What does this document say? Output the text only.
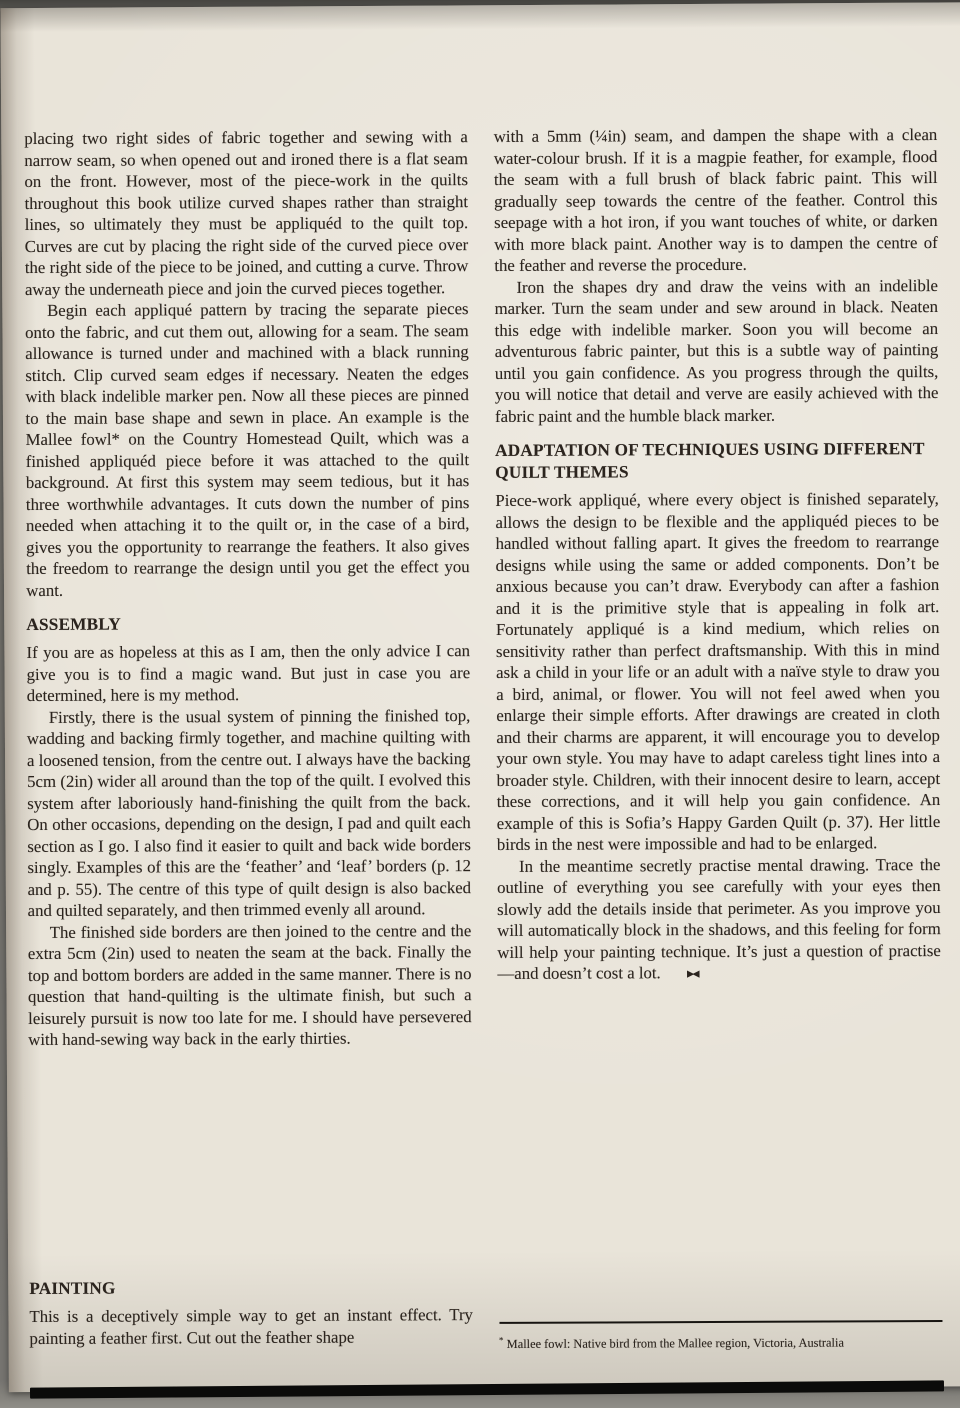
placing two right sides of fabric together and sewing with a narrow seam, so when opened out and ironed there is a flat seam on the front. However, most of the piece-work in the quilts throughout this book utilize curved shapes rather than straight lines, so ultimately they must be appliquéd to the quilt top. Curves are cut by placing the right side of the curved piece over the right side of the piece to be joined, and cutting a curve. Throw away the underneath piece and join the curved pieces together.

Begin each appliqué pattern by tracing the separate pieces onto the fabric, and cut them out, allowing for a seam. The seam allowance is turned under and machined with a black running stitch. Clip curved seam edges if necessary. Neaten the edges with black indelible marker pen. Now all these pieces are pinned to the main base shape and sewn in place. An example is the Mallee fowl* on the Country Homestead Quilt, which was a finished appliquéd piece before it was attached to the quilt background. At first this system may seem tedious, but it has three worthwhile advantages. It cuts down the number of pins needed when attaching it to the quilt or, in the case of a bird, gives you the opportunity to rearrange the feathers. It also gives the freedom to rearrange the design until you get the effect you want.

ASSEMBLY

If you are as hopeless at this as I am, then the only advice I can give you is to find a magic wand. But just in case you are determined, here is my method.

Firstly, there is the usual system of pinning the finished top, wadding and backing firmly together, and machine quilting with a loosened tension, from the centre out. I always have the backing 5cm (2in) wider all around than the top of the quilt. I evolved this system after laboriously hand-finishing the quilt from the back. On other occasions, depending on the design, I pad and quilt each section as I go. I also find it easier to quilt and back wide borders singly. Examples of this are the ‘feather’ and ‘leaf’ borders (p. 12 and p. 55). The centre of this type of quilt design is also backed and quilted separately, and then trimmed evenly all around.

The finished side borders are then joined to the centre and the extra 5cm (2in) used to neaten the seam at the back. Finally the top and bottom borders are added in the same manner. There is no question that hand-quilting is the ultimate finish, but such a leisurely pursuit is now too late for me. I should have persevered with hand-sewing way back in the early thirties.

PAINTING

This is a deceptively simple way to get an instant effect. Try painting a feather first. Cut out the feather shape

with a 5mm (¼in) seam, and dampen the shape with a clean water-colour brush. If it is a magpie feather, for example, flood the seam with a full brush of black fabric paint. This will gradually seep towards the centre of the feather. Control this seepage with a hot iron, if you want touches of white, or darken with more black paint. Another way is to dampen the centre of the feather and reverse the procedure.

Iron the shapes dry and draw the veins with an indelible marker. Turn the seam under and sew around in black. Neaten this edge with indelible marker. Soon you will become an adventurous fabric painter, but this is a subtle way of painting until you gain confidence. As you progress through the quilts, you will notice that detail and verve are easily achieved with the fabric paint and the humble black marker.

ADAPTATION OF TECHNIQUES USING DIFFERENT QUILT THEMES

Piece-work appliqué, where every object is finished separately, allows the design to be flexible and the appliquéd pieces to be handled without falling apart. It gives the freedom to rearrange designs while using the same or added components. Don’t be anxious because you can’t draw. Everybody can after a fashion and it is the primitive style that is appealing in folk art. Fortunately appliqué is a kind medium, which relies on sensitivity rather than perfect draftsmanship. With this in mind ask a child in your life or an adult with a naïve style to draw you a bird, animal, or flower. You will not feel awed when you enlarge their simple efforts. After drawings are created in cloth and their charms are apparent, it will encourage you to develop your own style. You may have to adapt careless tight lines into a broader style. Children, with their innocent desire to learn, accept these corrections, and it will help you gain confidence. An example of this is Sofia’s Happy Garden Quilt (p. 37). Her little birds in the nest were impossible and had to be enlarged.

In the meantime secretly practise mental drawing. Trace the outline of everything you see carefully with your eyes then slowly add the details inside that perimeter. As you improve you will automatically block in the shadows, and this feeling for form will help your painting technique. It’s just a question of practise—and doesn’t cost a lot.	▶◀

* Mallee fowl: Native bird from the Mallee region, Victoria, Australia
